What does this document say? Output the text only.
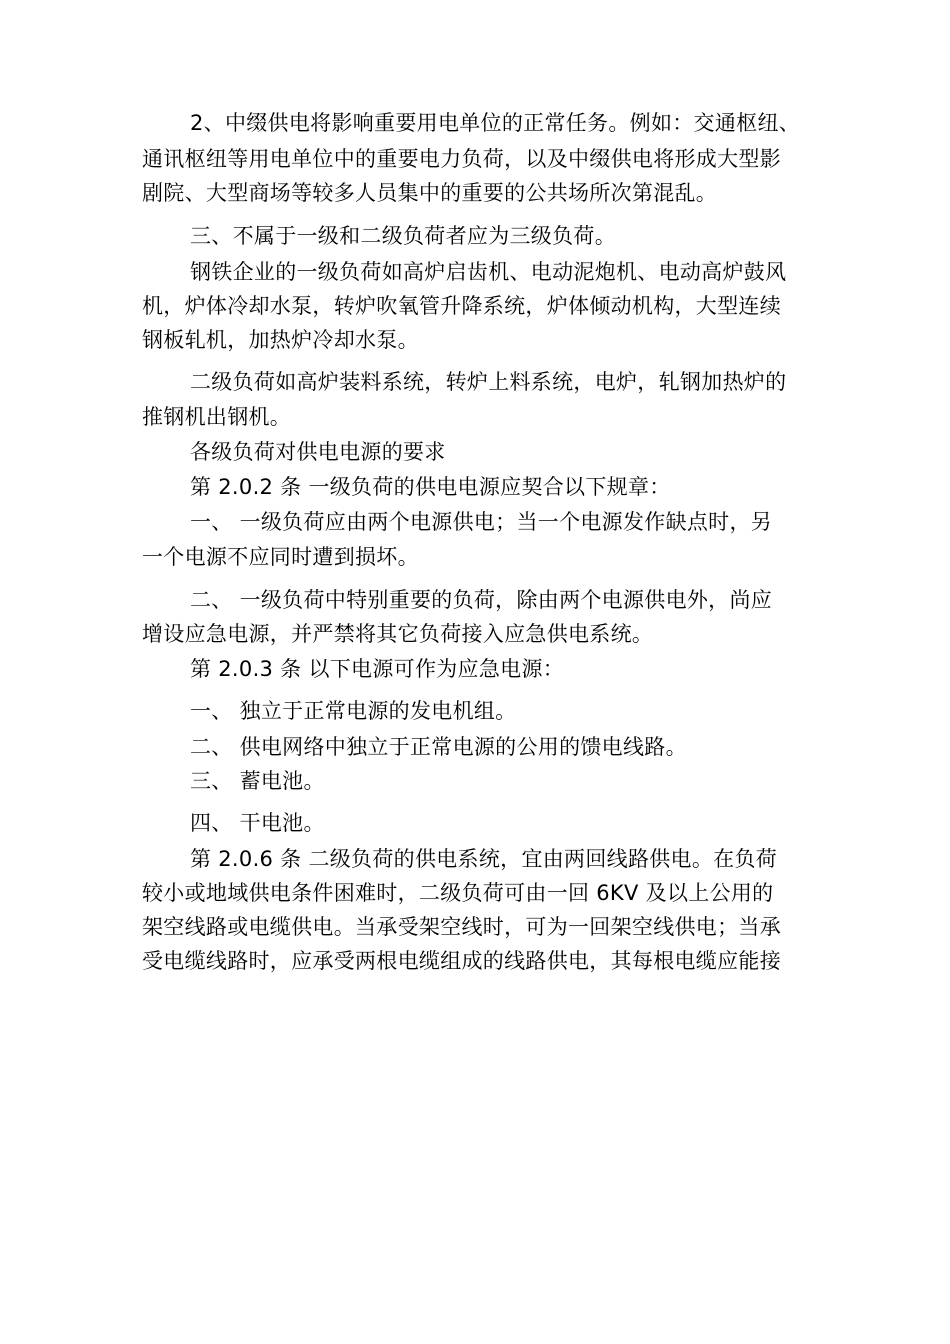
2、中缀供电将影响重要用电单位的正常任务。例如：交通枢纽、
通讯枢纽等用电单位中的重要电力负荷，以及中缀供电将形成大型影
剧院、大型商场等较多人员集中的重要的公共场所次第混乱。
三、不属于一级和二级负荷者应为三级负荷。
钢铁企业的一级负荷如高炉启齿机、电动泥炮机、电动高炉鼓风
机，炉体冷却水泵，转炉吹氧管升降系统，炉体倾动机构，大型连续
钢板轧机，加热炉冷却水泵。
二级负荷如高炉装料系统，转炉上料系统，电炉，轧钢加热炉的
推钢机出钢机。
各级负荷对供电电源的要求
第 2.0.2 条 一级负荷的供电电源应契合以下规章：
一、 一级负荷应由两个电源供电；当一个电源发作缺点时，另
一个电源不应同时遭到损坏。
二、 一级负荷中特别重要的负荷，除由两个电源供电外，尚应
增设应急电源，并严禁将其它负荷接入应急供电系统。
第 2.0.3 条 以下电源可作为应急电源：
一、 独立于正常电源的发电机组。
二、 供电网络中独立于正常电源的公用的馈电线路。
三、 蓄电池。
四、 干电池。
第 2.0.6 条 二级负荷的供电系统，宜由两回线路供电。在负荷
较小或地域供电条件困难时，二级负荷可由一回 6KV 及以上公用的
架空线路或电缆供电。当承受架空线时，可为一回架空线供电；当承
受电缆线路时，应承受两根电缆组成的线路供电，其每根电缆应能接
